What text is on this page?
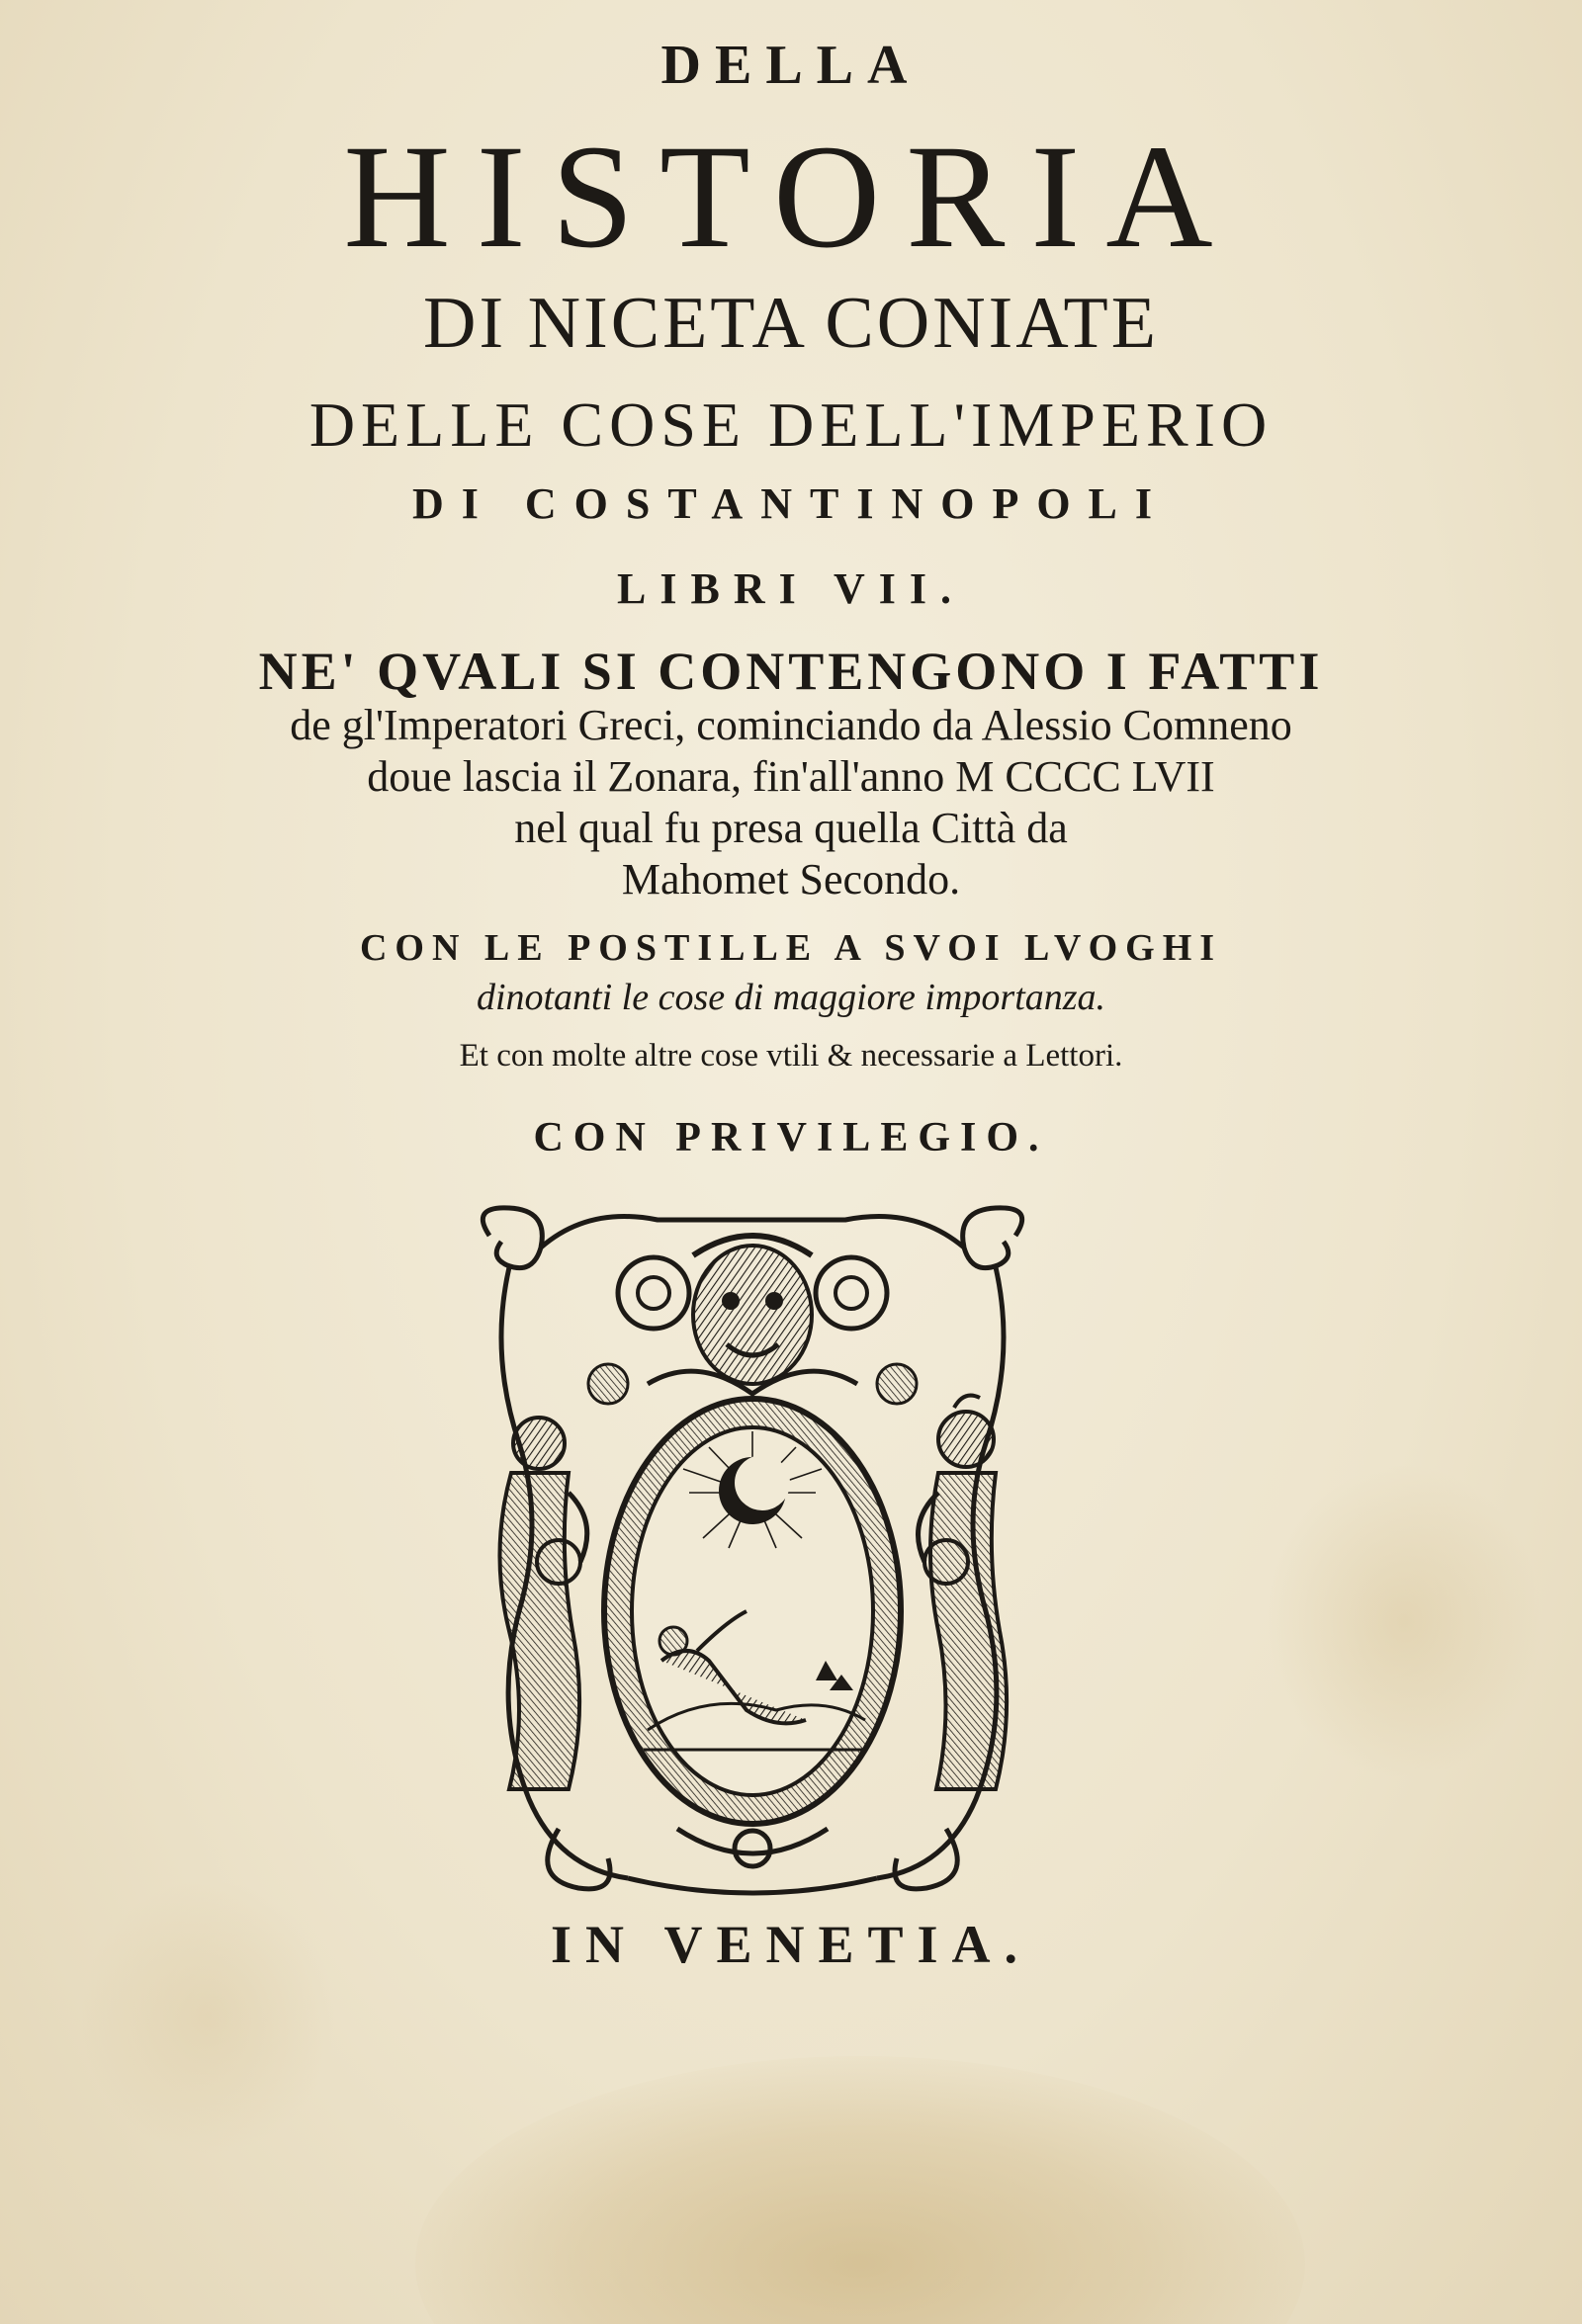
DELLA

HISTORIA

DI NICETA CONIATE

DELLE COSE DELL'IMPERIO

DI COSTANTINOPOLI

LIBRI VII.

NE' QVALI SI CONTENGONO I FATTI

de gl'Imperatori Greci, cominciando da Alessio Comneno

doue lascia il Zonara, fin'all'anno M CCCC LVII

nel qual fu presa quella Città da

Mahomet Secondo.

CON LE POSTILLE A SVOI LVOGHI

dinotanti le cose di maggiore importanza.

Et con molte altre cose vtili & necessarie a Lettori.

CON PRIVILEGIO.

IN VENETIA.
